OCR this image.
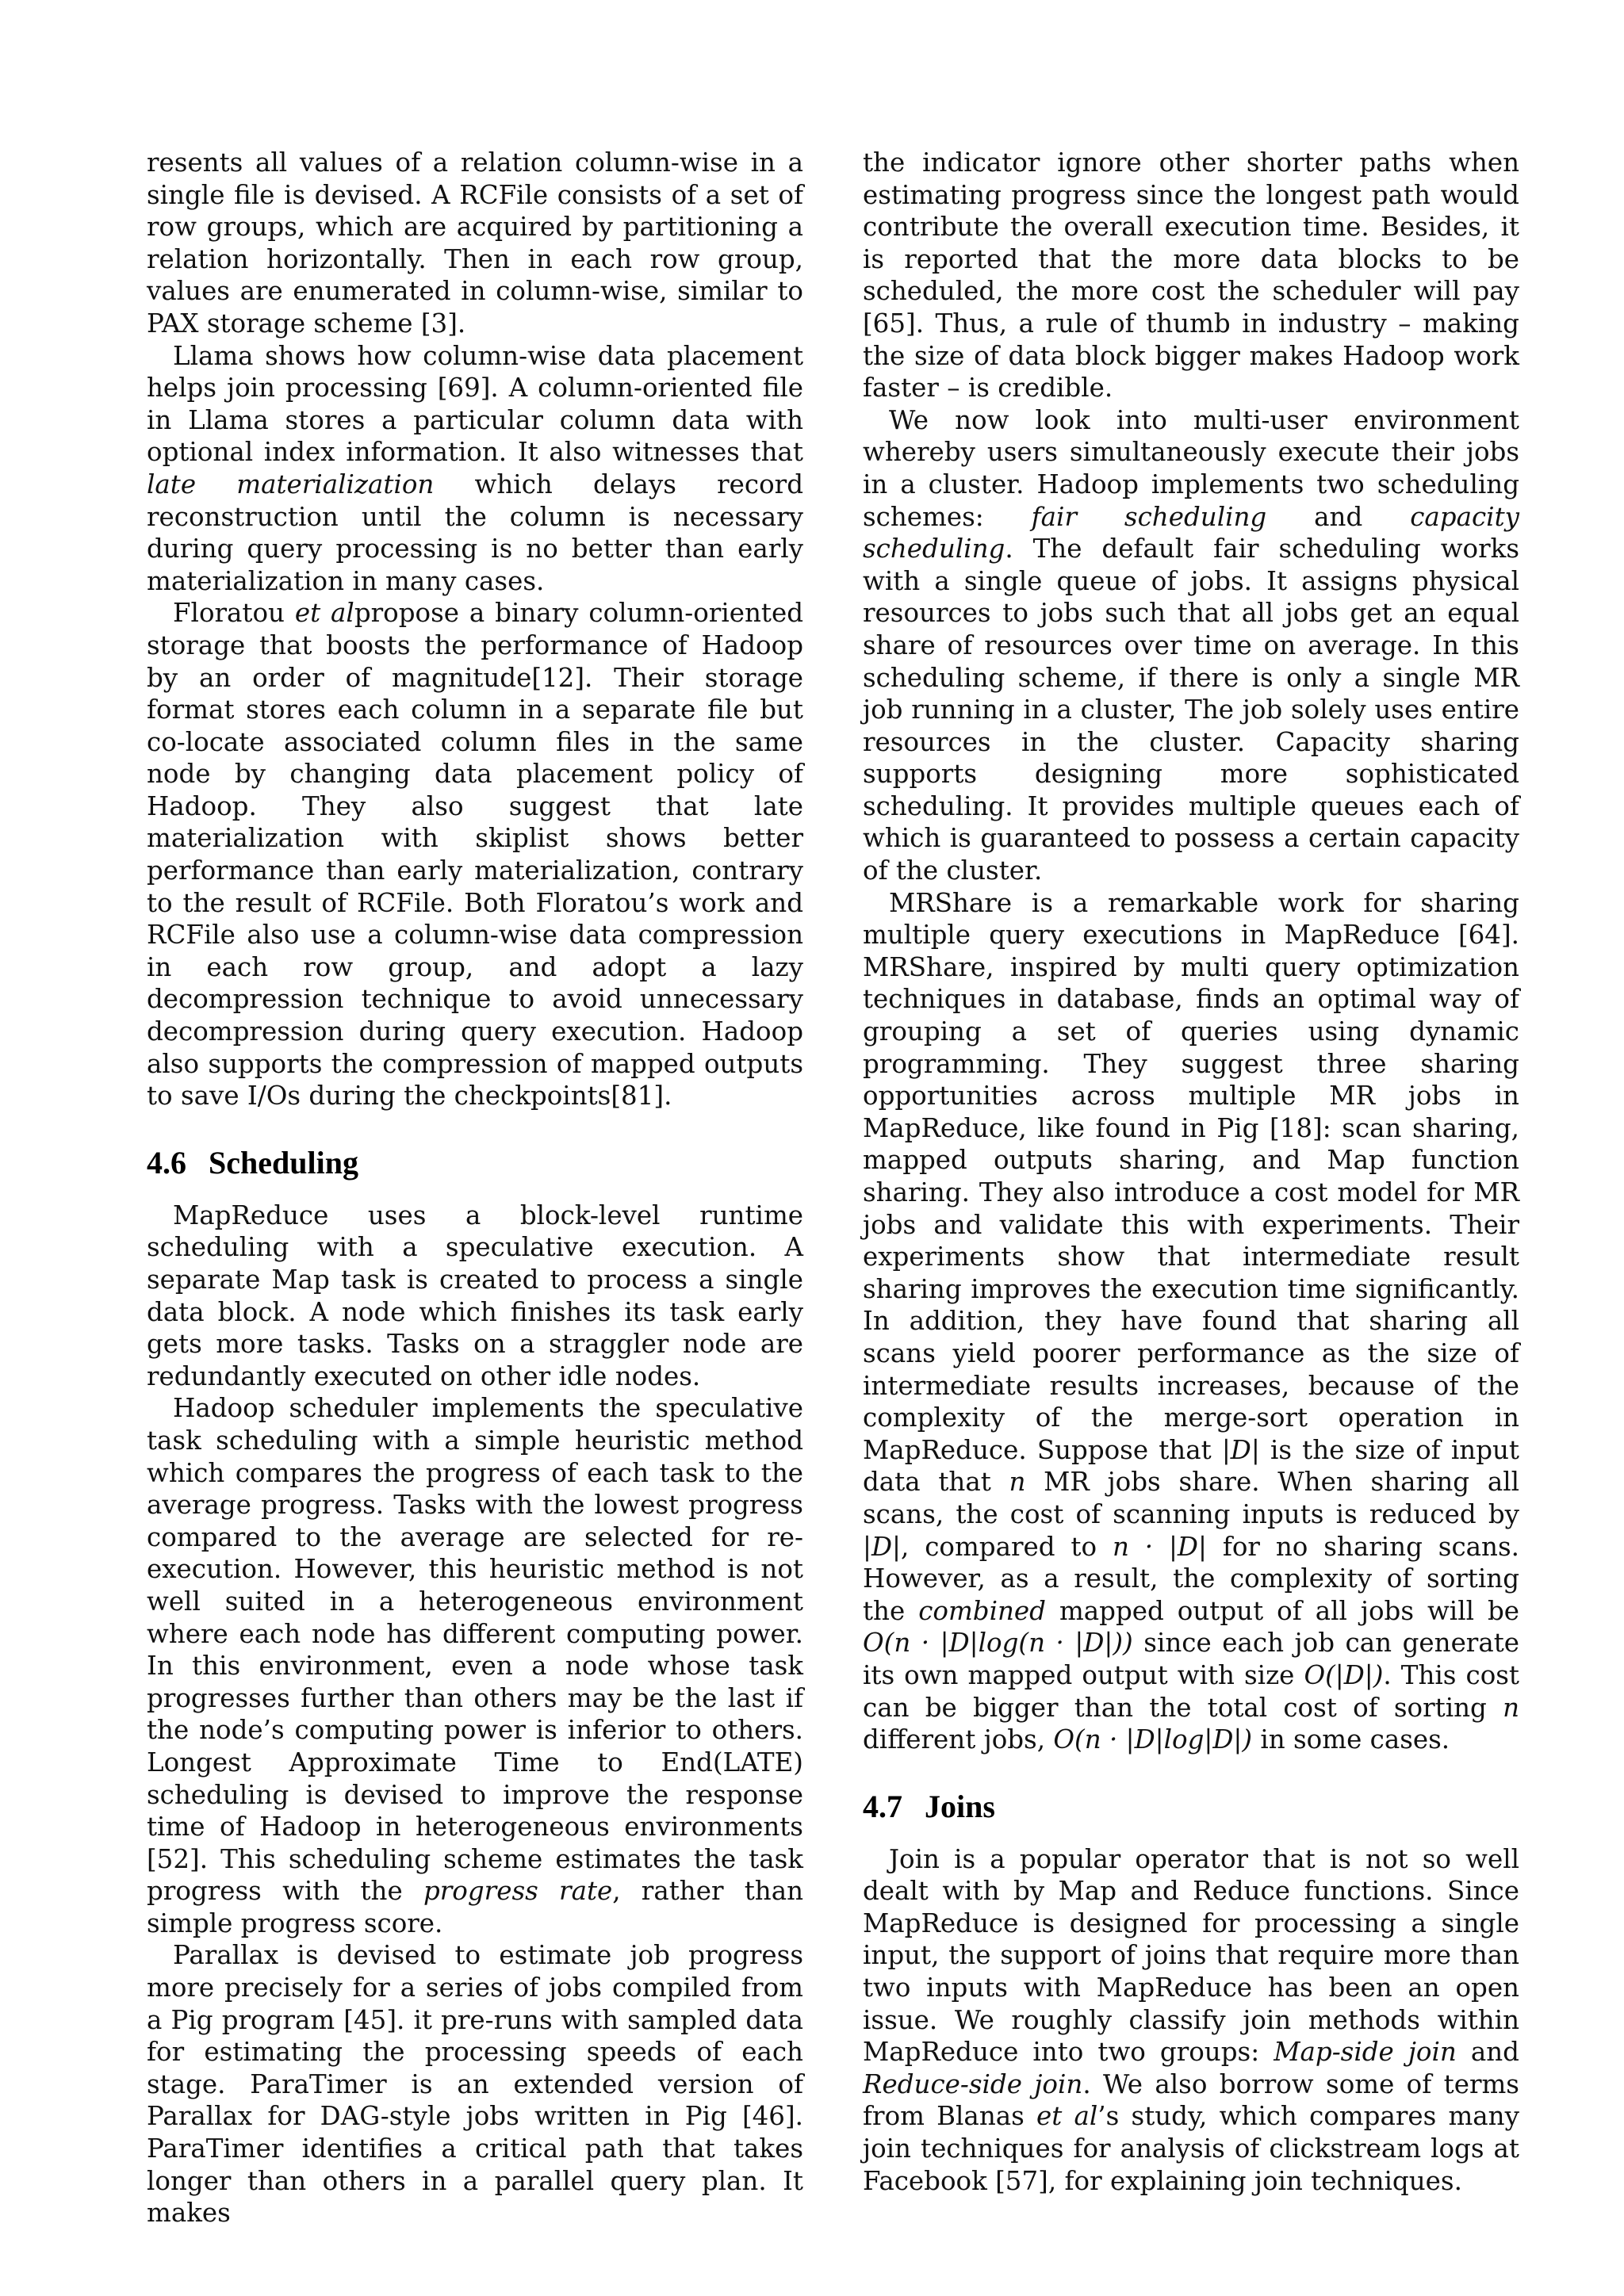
resents all values of a relation column-wise in a single file is devised. A RCFile consists of a set of row groups, which are acquired by partitioning a relation horizontally. Then in each row group, values are enumerated in column-wise, similar to PAX storage scheme [3].

Llama shows how column-wise data placement helps join processing [69]. A column-oriented file in Llama stores a particular column data with optional index information. It also witnesses that late materialization which delays record reconstruction until the column is necessary during query processing is no better than early materialization in many cases.

Floratou et alpropose a binary column-oriented storage that boosts the performance of Hadoop by an order of magnitude[12]. Their storage format stores each column in a separate file but co-locate associated column files in the same node by changing data placement policy of Hadoop. They also suggest that late materialization with skiplist shows better performance than early materialization, contrary to the result of RCFile. Both Floratou’s work and RCFile also use a column-wise data compression in each row group, and adopt a lazy decompression technique to avoid unnecessary decompression during query execution. Hadoop also supports the compression of mapped outputs to save I/Os during the checkpoints[81].

4.6 Scheduling

MapReduce uses a block-level runtime scheduling with a speculative execution. A separate Map task is created to process a single data block. A node which finishes its task early gets more tasks. Tasks on a straggler node are redundantly executed on other idle nodes.

Hadoop scheduler implements the speculative task scheduling with a simple heuristic method which compares the progress of each task to the average progress. Tasks with the lowest progress compared to the average are selected for re-execution. However, this heuristic method is not well suited in a heterogeneous environment where each node has different computing power. In this environment, even a node whose task progresses further than others may be the last if the node’s computing power is inferior to others. Longest Approximate Time to End(LATE) scheduling is devised to improve the response time of Hadoop in heterogeneous environments [52]. This scheduling scheme estimates the task progress with the progress rate, rather than simple progress score.

Parallax is devised to estimate job progress more precisely for a series of jobs compiled from a Pig program [45]. it pre-runs with sampled data for estimating the processing speeds of each stage. ParaTimer is an extended version of Parallax for DAG-style jobs written in Pig [46]. ParaTimer identifies a critical path that takes longer than others in a parallel query plan. It makes

the indicator ignore other shorter paths when estimating progress since the longest path would contribute the overall execution time. Besides, it is reported that the more data blocks to be scheduled, the more cost the scheduler will pay [65]. Thus, a rule of thumb in industry – making the size of data block bigger makes Hadoop work faster – is credible.

We now look into multi-user environment whereby users simultaneously execute their jobs in a cluster. Hadoop implements two scheduling schemes: fair scheduling and capacity scheduling. The default fair scheduling works with a single queue of jobs. It assigns physical resources to jobs such that all jobs get an equal share of resources over time on average. In this scheduling scheme, if there is only a single MR job running in a cluster, The job solely uses entire resources in the cluster. Capacity sharing supports designing more sophisticated scheduling. It provides multiple queues each of which is guaranteed to possess a certain capacity of the cluster.

MRShare is a remarkable work for sharing multiple query executions in MapReduce [64]. MRShare, inspired by multi query optimization techniques in database, finds an optimal way of grouping a set of queries using dynamic programming. They suggest three sharing opportunities across multiple MR jobs in MapReduce, like found in Pig [18]: scan sharing, mapped outputs sharing, and Map function sharing. They also introduce a cost model for MR jobs and validate this with experiments. Their experiments show that intermediate result sharing improves the execution time significantly. In addition, they have found that sharing all scans yield poorer performance as the size of intermediate results increases, because of the complexity of the merge-sort operation in MapReduce. Suppose that |D| is the size of input data that n MR jobs share. When sharing all scans, the cost of scanning inputs is reduced by |D|, compared to n · |D| for no sharing scans. However, as a result, the complexity of sorting the combined mapped output of all jobs will be O(n · |D|log(n · |D|)) since each job can generate its own mapped output with size O(|D|). This cost can be bigger than the total cost of sorting n different jobs, O(n · |D|log|D|) in some cases.

4.7 Joins

Join is a popular operator that is not so well dealt with by Map and Reduce functions. Since MapReduce is designed for processing a single input, the support of joins that require more than two inputs with MapReduce has been an open issue. We roughly classify join methods within MapReduce into two groups: Map-side join and Reduce-side join. We also borrow some of terms from Blanas et al’s study, which compares many join techniques for analysis of clickstream logs at Facebook [57], for explaining join techniques.
